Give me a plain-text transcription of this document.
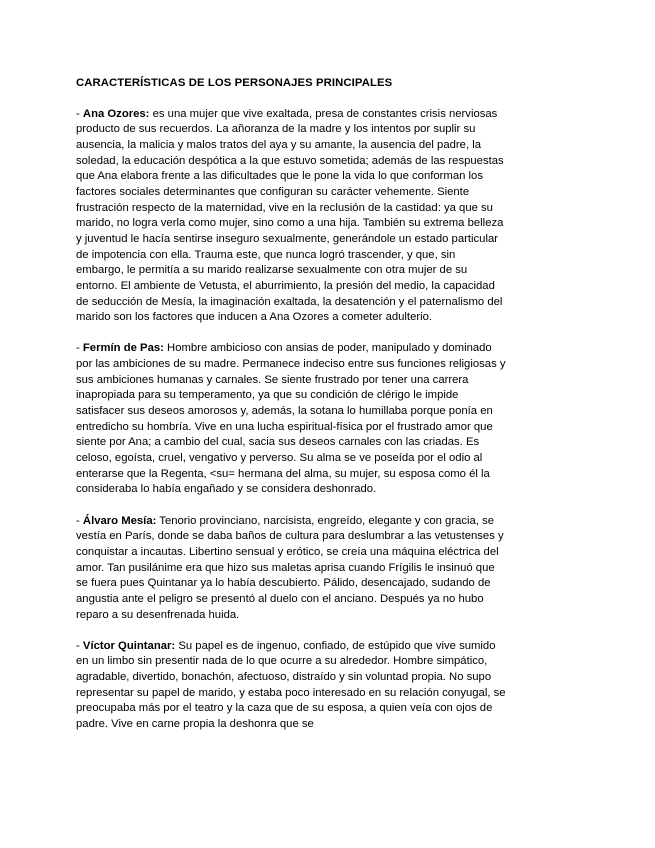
CARACTERÍSTICAS DE LOS PERSONAJES PRINCIPALES

- Ana Ozores: es una mujer que vive exaltada, presa de constantes crisis nerviosas producto de sus recuerdos. La añoranza de la madre y los intentos por suplir su ausencia, la malicia y malos tratos del aya y su amante, la ausencia del padre, la soledad, la educación despótica a la que estuvo sometida; además de las respuestas que Ana elabora frente a las dificultades que le pone la vida lo que conforman los factores sociales determinantes que configuran su carácter vehemente. Siente frustración respecto de la maternidad, vive en la reclusión de la castidad: ya que su marido, no logra verla como mujer, sino como a una hija. También su extrema belleza y juventud le hacía sentirse inseguro sexualmente, generándole un estado particular de impotencia con ella. Trauma este, que nunca logró trascender, y que, sin embargo, le permitía a su marido realizarse sexualmente con otra mujer de su entorno. El ambiente de Vetusta, el aburrimiento, la presión del medio, la capacidad de seducción de Mesía, la imaginación exaltada, la desatención y el paternalismo del marido son los factores que inducen a Ana Ozores a cometer adulterio.

- Fermín de Pas: Hombre ambicioso con ansias de poder, manipulado y dominado por las ambiciones de su madre. Permanece indeciso entre sus funciones religiosas y sus ambiciones humanas y carnales. Se siente frustrado por tener una carrera inapropiada para su temperamento, ya que su condición de clérigo le impide satisfacer sus deseos amorosos y, además, la sotana lo humillaba porque ponía en entredicho su hombría. Vive en una lucha espiritual-física por el frustrado amor que siente por Ana; a cambio del cual, sacia sus deseos carnales con las criadas. Es celoso, egoísta, cruel, vengativo y perverso. Su alma se ve poseída por el odio al enterarse que la Regenta, <su= hermana del alma, su mujer, su esposa como él la consideraba lo había engañado y se considera deshonrado.

- Álvaro Mesía: Tenorio provinciano, narcisista, engreído, elegante y con gracia, se vestía en París, donde se daba baños de cultura para deslumbrar a las vetustenses y conquistar a incautas. Libertino sensual y erótico, se creía una máquina eléctrica del amor. Tan pusilánime era que hizo sus maletas aprisa cuando Frígilis le insinuó que se fuera pues Quintanar ya lo había descubierto. Pálido, desencajado, sudando de angustia ante el peligro se presentó al duelo con el anciano. Después ya no hubo reparo a su desenfrenada huida.

- Víctor Quintanar: Su papel es de ingenuo, confiado, de estúpido que vive sumido en un limbo sin presentir nada de lo que ocurre a su alrededor. Hombre simpático, agradable, divertido, bonachón, afectuoso, distraído y sin voluntad propia. No supo representar su papel de marido, y estaba poco interesado en su relación conyugal, se preocupaba más por el teatro y la caza que de su esposa, a quien veía con ojos de padre. Vive en carne propia la deshonra que se
